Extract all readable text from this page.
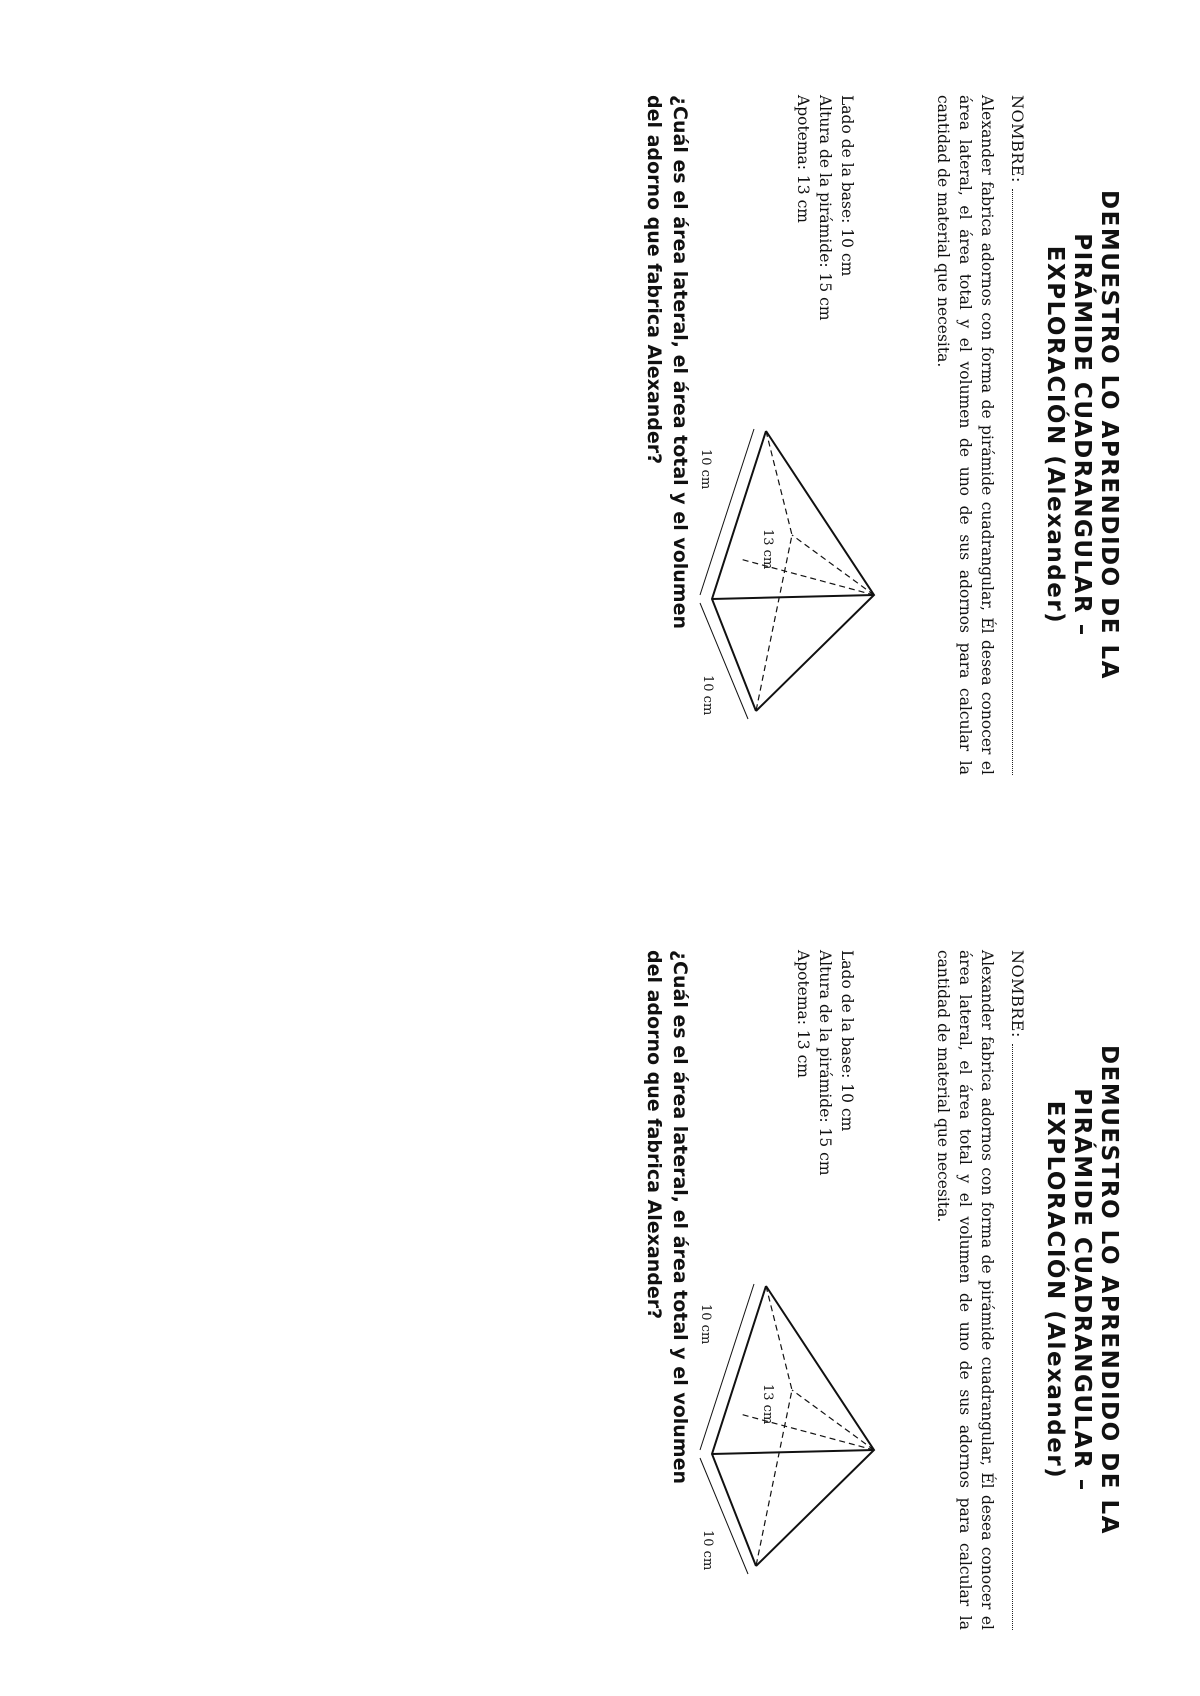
DEMUESTRO LO APRENDIDO DE LA
PIRÁMIDE CUADRANGULAR –
EXPLORACIÓN (Alexander)
NOMBRE:

Alexander fabrica adornos con forma de pirámide cuadrangular, Él desea conocer el área lateral, el área total y el volumen de uno de sus adornos para calcular la cantidad de material que necesita.

Lado de la base: 10 cm
Altura de la pirámide: 15 cm
Apotema: 13 cm
13 cm
10 cm
10 cm

¿Cuál es el área lateral, el área total y el volumen del adorno que fabrica Alexander?

DEMUESTRO LO APRENDIDO DE LA
PIRÁMIDE CUADRANGULAR –
EXPLORACIÓN (Alexander)
NOMBRE:

Alexander fabrica adornos con forma de pirámide cuadrangular, Él desea conocer el área lateral, el área total y el volumen de uno de sus adornos para calcular la cantidad de material que necesita.

Lado de la base: 10 cm
Altura de la pirámide: 15 cm
Apotema: 13 cm
13 cm
10 cm
10 cm

¿Cuál es el área lateral, el área total y el volumen del adorno que fabrica Alexander?
